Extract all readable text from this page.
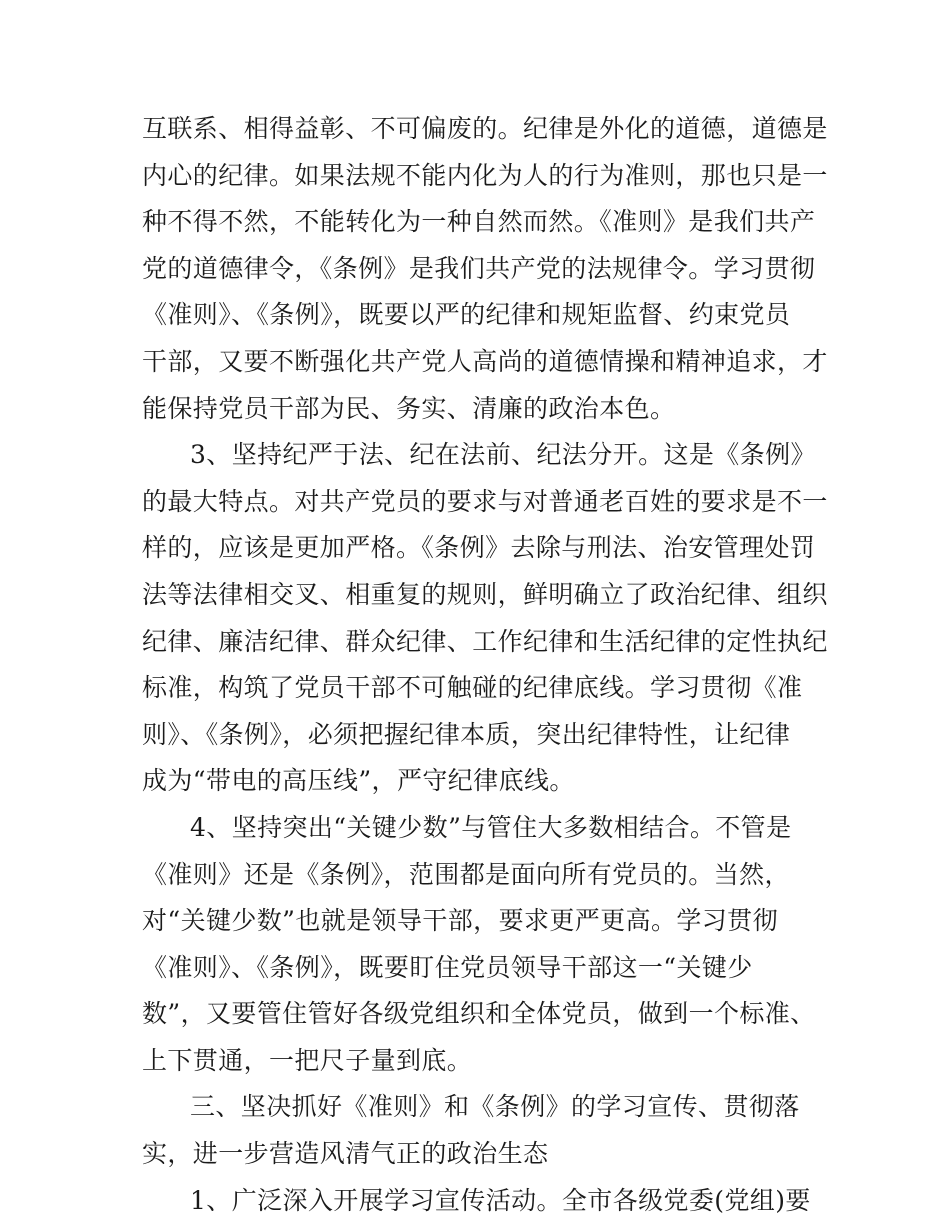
互联系、相得益彰、不可偏废的。纪律是外化的道德，道德是
内心的纪律。如果法规不能内化为人的行为准则，那也只是一
种不得不然，不能转化为一种自然而然。《准则》是我们共产
党的道德律令，《条例》是我们共产党的法规律令。学习贯彻
《准则》、《条例》，既要以严的纪律和规矩监督、约束党员
干部，又要不断强化共产党人高尚的道德情操和精神追求，才
能保持党员干部为民、务实、清廉的政治本色。
3、坚持纪严于法、纪在法前、纪法分开。这是《条例》
的最大特点。对共产党员的要求与对普通老百姓的要求是不一
样的，应该是更加严格。《条例》去除与刑法、治安管理处罚
法等法律相交叉、相重复的规则，鲜明确立了政治纪律、组织
纪律、廉洁纪律、群众纪律、工作纪律和生活纪律的定性执纪
标准，构筑了党员干部不可触碰的纪律底线。学习贯彻《准
则》、《条例》，必须把握纪律本质，突出纪律特性，让纪律
成为“带电的高压线”，严守纪律底线。
4、坚持突出“关键少数”与管住大多数相结合。不管是
《准则》还是《条例》，范围都是面向所有党员的。当然，
对“关键少数”也就是领导干部，要求更严更高。学习贯彻
《准则》、《条例》，既要盯住党员领导干部这一“关键少
数”，又要管住管好各级党组织和全体党员，做到一个标准、
上下贯通，一把尺子量到底。
三、坚决抓好《准则》和《条例》的学习宣传、贯彻落
实，进一步营造风清气正的政治生态
1、广泛深入开展学习宣传活动。全市各级党委(党组)要
